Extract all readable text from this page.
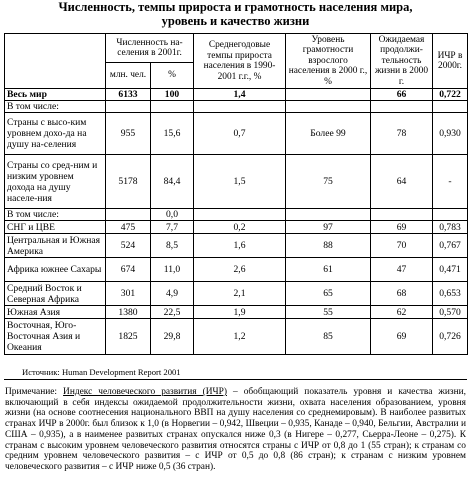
Численность, темпы прироста и грамотность населения мира,
уровень и качество жизни
	Численность на-селения в 2001г.		Среднегодовые темпы прироста населения в 1990-2001 г.г., %	Уровень грамотности взрослого населения в 2000 г., %	Ожидаемая продолжи-тельность жизни в 2000 г.	ИЧР в 2000г.
	млн. чел.	%				
Весь мир	6133	100	1,4		66	0,722
В том числе:						
Страны с высо-ким уровнем дохо-да на душу на-селения	955	15,6	0,7	Более 99	78	0,930
Страны со сред-ним и низким уровнем дохода на душу населе-ния	5178	84,4	1,5	75	64	-
В том числе:		0,0				
СНГ и ЦВЕ	475	7,7	0,2	97	69	0,783
Центральная и Южная Америка	524	8,5	1,6	88	70	0,767
Африка южнее Сахары	674	11,0	2,6	61	47	0,471
Средний Восток и Северная Африка	301	4,9	2,1	65	68	0,653
Южная Азия	1380	22,5	1,9	55	62	0,570
Восточная, Юго-Восточная Азия и Океания	1825	29,8	1,2	85	69	0,726
Источник: Human Development Report 2001
Примечание: Индекс человеческого развития (ИЧР) – обобщающий показатель уровня и качества жизни, включающий в себя индексы ожидаемой продолжительности жизни, охвата населения образованием, уровня жизни (на основе соотнесения национального ВВП на душу населения со среднемировым). В наиболее развитых странах ИЧР в 2000г. был близок к 1,0 (в Норвегии – 0,942, Швеции – 0,935, Канаде – 0,940, Бельгии, Австралии и США – 0,935), а в наименее развитых странах опускался ниже 0,3 (в Нигере – 0,277, Сьерра-Леоне – 0,275). К странам с высоким уровнем человеческого развития относятся страны с ИЧР от 0,8 до 1 (55 стран); к странам со средним уровнем человеческого развития – с ИЧР от 0,5 до 0,8 (86 стран); к странам с низким уровнем человеческого развития – с ИЧР ниже 0,5 (36 стран).
